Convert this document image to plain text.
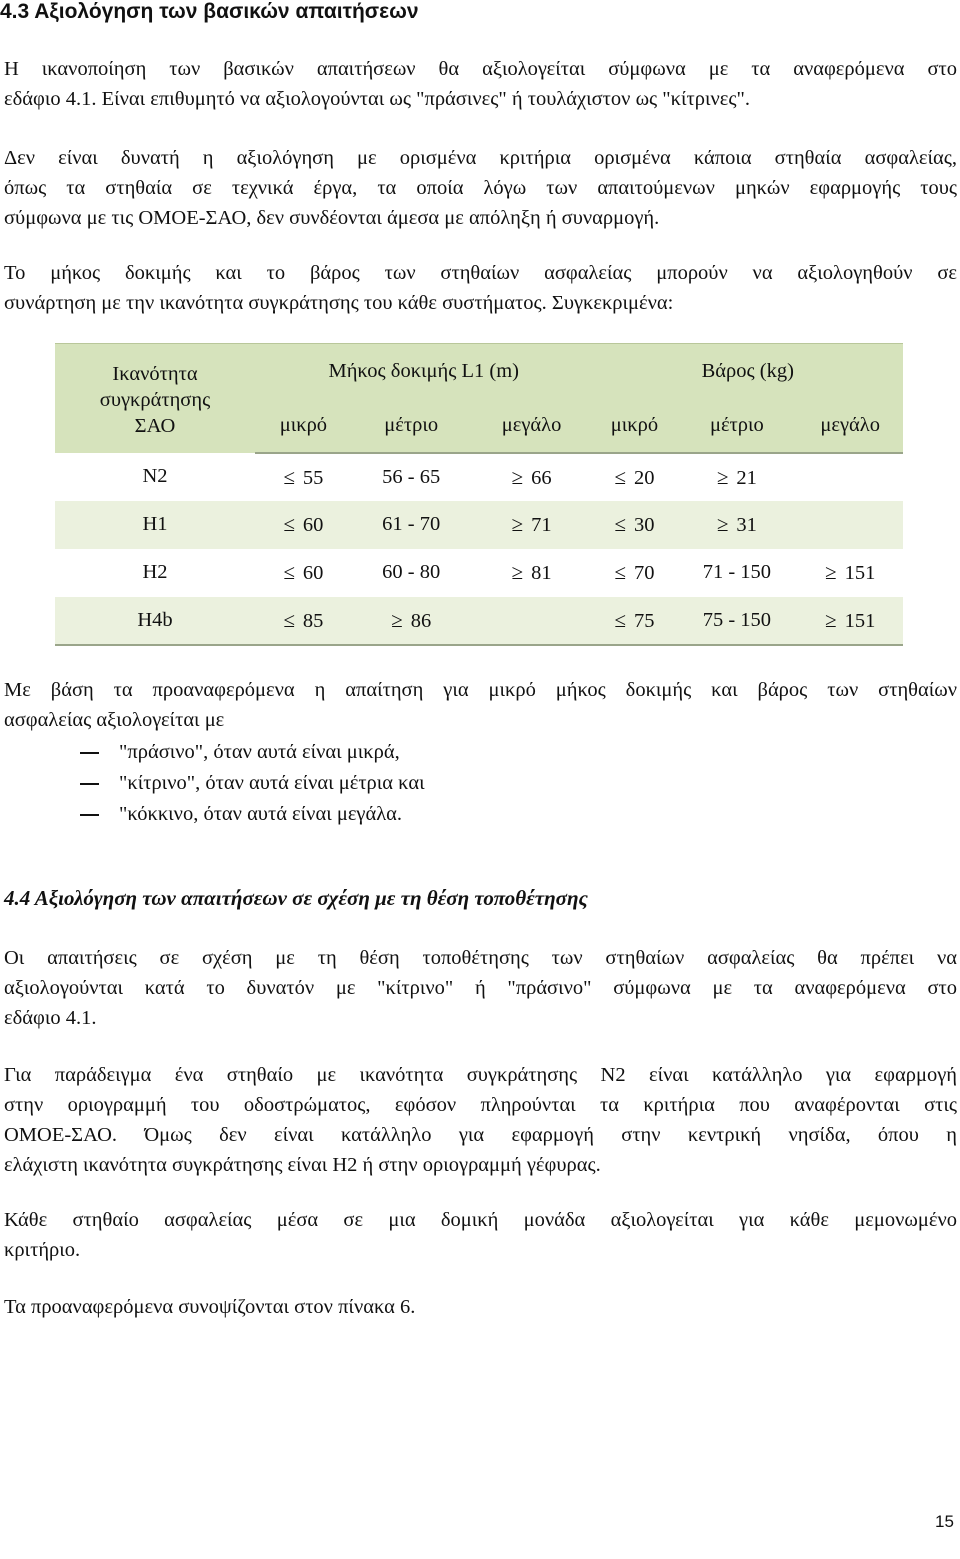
4.3 Αξιολόγηση των βασικών απαιτήσεων

Η ικανοποίηση των βασικών απαιτήσεων θα αξιολογείται σύμφωνα με τα αναφερόμενα στο
εδάφιο 4.1. Είναι επιθυμητό να αξιολογούνται ως "πράσινες" ή τουλάχιστον ως "κίτρινες".

Δεν είναι δυνατή η αξιολόγηση με ορισμένα κριτήρια ορισμένα κάποια στηθαία ασφαλείας,
όπως τα στηθαία σε τεχνικά έργα, τα οποία λόγω των απαιτούμενων μηκών εφαρμογής τους
σύμφωνα με τις ΟΜΟΕ-ΣΑΟ, δεν συνδέονται άμεσα με απόληξη ή συναρμογή.

Το μήκος δοκιμής και το βάρος των στηθαίων ασφαλείας μπορούν να αξιολογηθούν σε
συνάρτηση με την ικανότητα συγκράτησης του κάθε συστήματος. Συγκεκριμένα:

Ικανότητα
συγκράτησης
ΣΑΟ	Μήκος δοκιμής L1 (m)			Βάρος (kg)		
	μικρό	μέτριο	μεγάλο	μικρό	μέτριο	μεγάλο
N2	≤ 55	56 - 65	≥ 66	≤ 20	≥ 21	
H1	≤ 60	61 - 70	≥ 71	≤ 30	≥ 31	
H2	≤ 60	60 - 80	≥ 81	≤ 70	71 - 150	≥ 151
H4b	≤ 85	≥ 86		≤ 75	75 - 150	≥ 151

Με βάση τα προαναφερόμενα η απαίτηση για μικρό μήκος δοκιμής και βάρος των στηθαίων
ασφαλείας αξιολογείται με

"πράσινο", όταν αυτά είναι μικρά,
"κίτρινο", όταν αυτά είναι μέτρια και
"κόκκινο, όταν αυτά είναι μεγάλα.
4.4 Αξιολόγηση των απαιτήσεων σε σχέση με τη θέση τοποθέτησης

Οι απαιτήσεις σε σχέση με τη θέση τοποθέτησης των στηθαίων ασφαλείας θα πρέπει να
αξιολογούνται κατά το δυνατόν με "κίτρινο" ή "πράσινο" σύμφωνα με τα αναφερόμενα στο
εδάφιο 4.1.

Για παράδειγμα ένα στηθαίο με ικανότητα συγκράτησης N2 είναι κατάλληλο για εφαρμογή
στην οριογραμμή του οδοστρώματος, εφόσον πληρούνται τα κριτήρια που αναφέρονται στις
ΟΜΟΕ-ΣΑΟ. Όμως δεν είναι κατάλληλο για εφαρμογή στην κεντρική νησίδα, όπου η
ελάχιστη ικανότητα συγκράτησης είναι H2 ή στην οριογραμμή γέφυρας.

Κάθε στηθαίο ασφαλείας μέσα σε μια δομική μονάδα αξιολογείται για κάθε μεμονωμένο
κριτήριο.

Τα προαναφερόμενα συνοψίζονται στον πίνακα 6.

15
